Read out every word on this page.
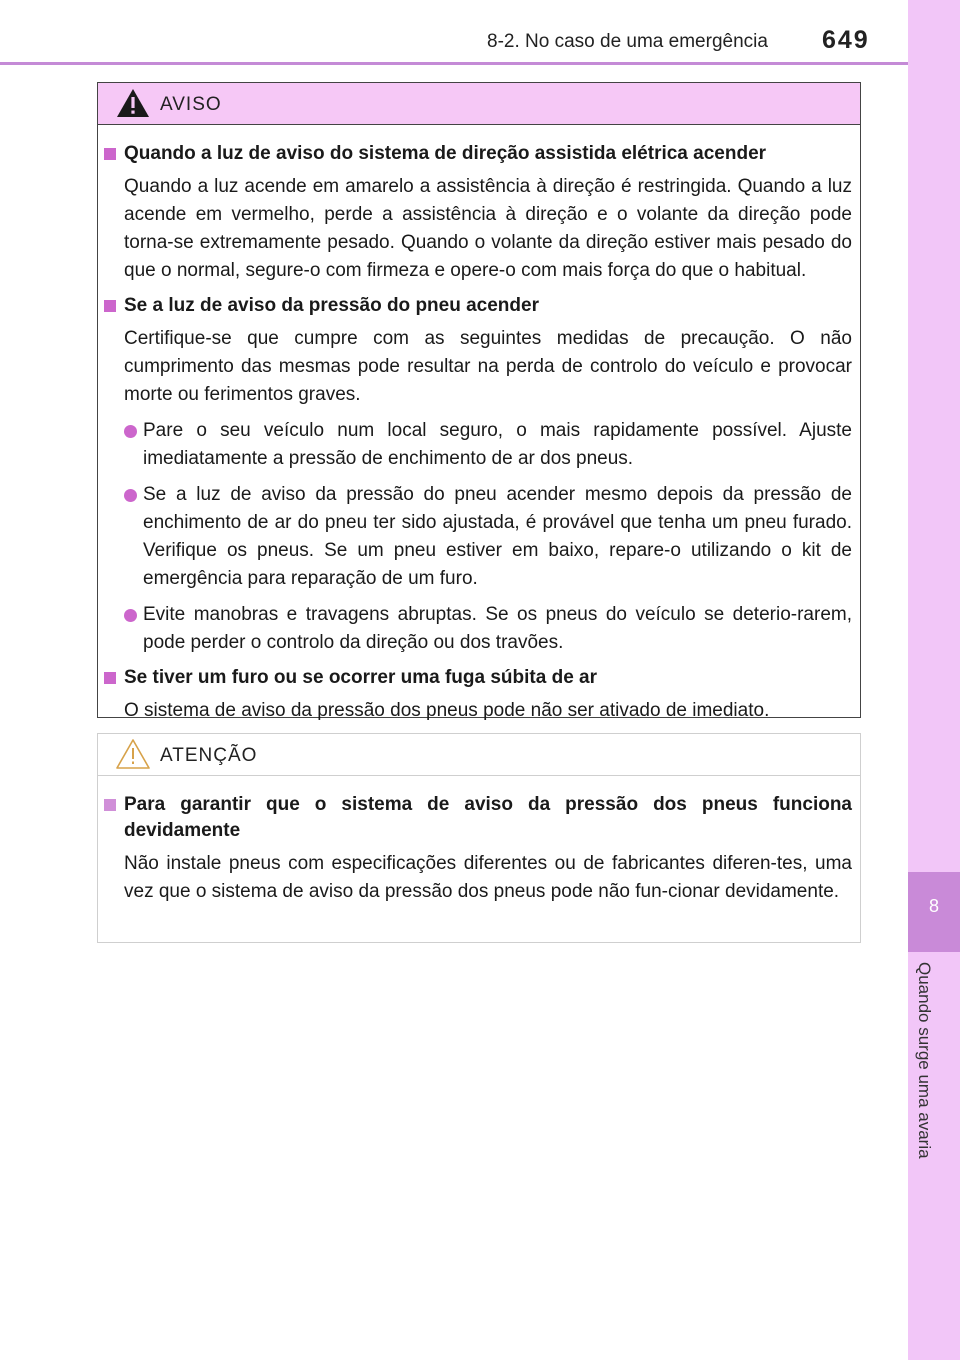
8-2. No caso de uma emergência 649
8
Quando surge uma avaria
AVISO
Quando a luz de aviso do sistema de direção assistida elétrica acender

Quando a luz acende em amarelo a assistência à direção é restringida. Quando a luz acende em vermelho, perde a assistência à direção e o volante da direção pode torna-se extremamente pesado. Quando o volante da direção estiver mais pesado do que o normal, segure-o com firmeza e opere-o com mais força do que o habitual.

Se a luz de aviso da pressão do pneu acender

Certifique-se que cumpre com as seguintes medidas de precaução. O não cumprimento das mesmas pode resultar na perda de controlo do veículo e provocar morte ou ferimentos graves.

Pare o seu veículo num local seguro, o mais rapidamente possível. Ajuste imediatamente a pressão de enchimento de ar dos pneus.
Se a luz de aviso da pressão do pneu acender mesmo depois da pressão de enchimento de ar do pneu ter sido ajustada, é provável que tenha um pneu furado. Verifique os pneus. Se um pneu estiver em baixo, repare-o utilizando o kit de emergência para reparação de um furo.
Evite manobras e travagens abruptas. Se os pneus do veículo se deterio-rarem, pode perder o controlo da direção ou dos travões.
Se tiver um furo ou se ocorrer uma fuga súbita de ar

O sistema de aviso da pressão dos pneus pode não ser ativado de imediato.

ATENÇÃO
Para garantir que o sistema de aviso da pressão dos pneus funciona devidamente

Não instale pneus com especificações diferentes ou de fabricantes diferen-tes, uma vez que o sistema de aviso da pressão dos pneus pode não fun-cionar devidamente.
